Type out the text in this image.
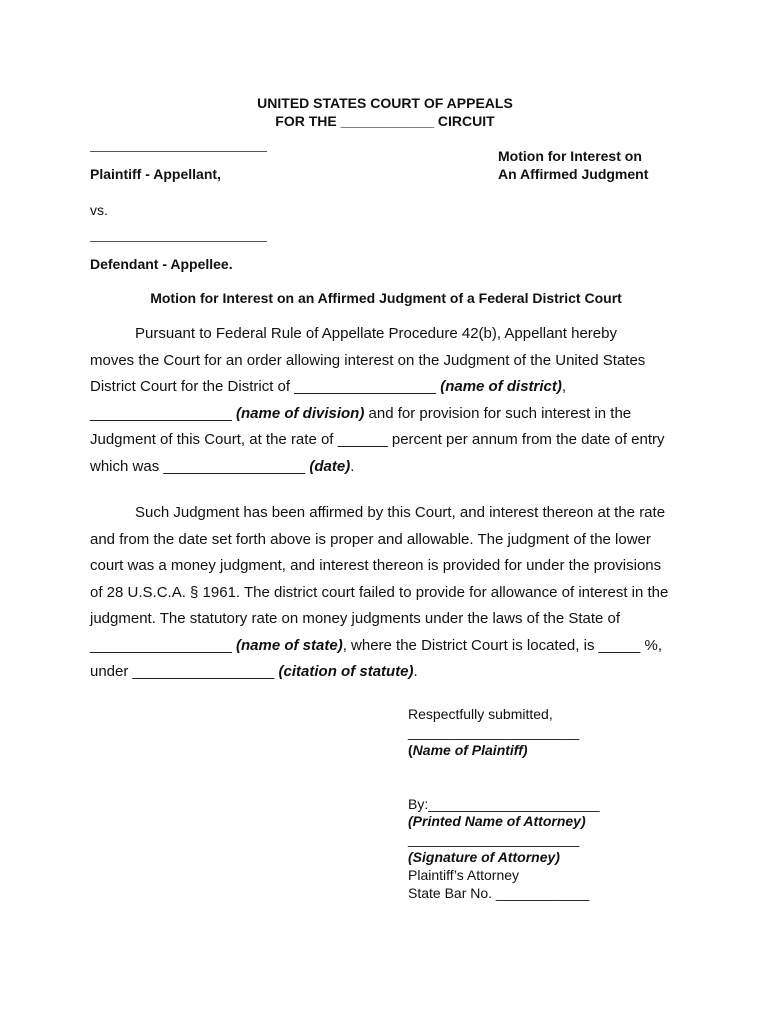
UNITED STATES COURT OF APPEALS
FOR THE ____________ CIRCUIT
Plaintiff - Appellant,
vs.
Defendant - Appellee.
Motion for Interest on
An Affirmed Judgment
Motion for Interest on an Affirmed Judgment of a Federal District Court

Pursuant to Federal Rule of Appellate Procedure 42(b), Appellant hereby

moves the Court for an order allowing interest on the Judgment of the United States

District Court for the District of _________________ (name of district),

_________________ (name of division) and for provision for such interest in the

Judgment of this Court, at the rate of ______ percent per annum from the date of entry

which was _________________ (date).

Such Judgment has been affirmed by this Court, and interest thereon at the rate

and from the date set forth above is proper and allowable. The judgment of the lower

court was a money judgment, and interest thereon is provided for under the provisions

of 28 U.S.C.A. § 1961. The district court failed to provide for allowance of interest in the

judgment. The statutory rate on money judgments under the laws of the State of

_________________ (name of state), where the District Court is located, is _____ %,

under _________________ (citation of statute).

Respectfully submitted,
______________________
(Name of Plaintiff)
By:______________________
(Printed Name of Attorney)
______________________
(Signature of Attorney)
Plaintiff’s Attorney
State Bar No. ____________
